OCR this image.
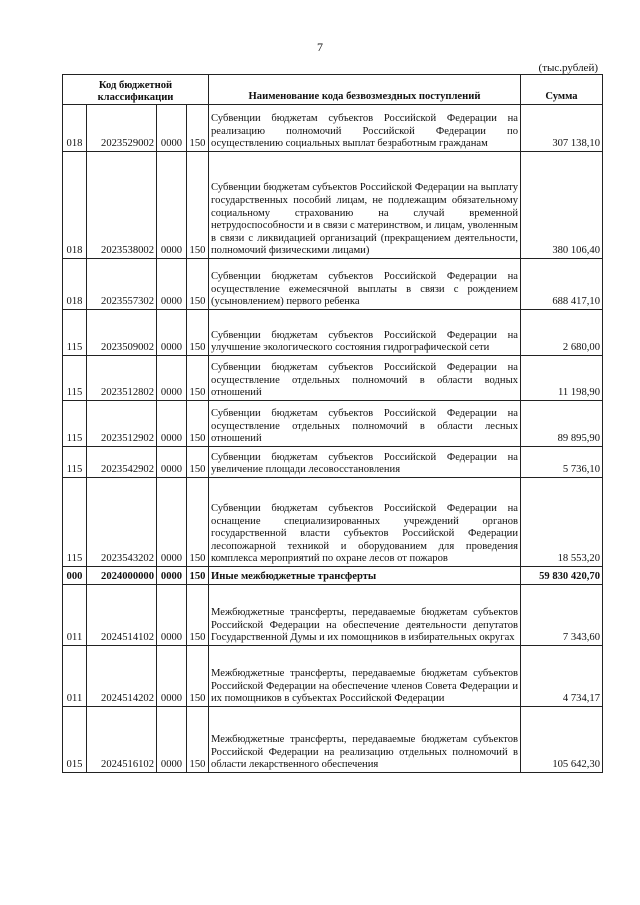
7
(тыс.рублей)
Код бюджетной классификации				Наименование кода безвозмездных поступлений	Сумма
018	2023529002	0000	150	Субвенции бюджетам субъектов Российской Федерации на реализацию полномочий Российской Федерации по осуществлению социальных выплат безработным гражданам	307 138,10
018	2023538002	0000	150	Субвенции бюджетам субъектов Российской Федерации на выплату государственных пособий лицам, не подлежащим обязательному социальному страхованию на случай временной нетрудоспособности и в связи с материнством, и лицам, уволенным в связи с ликвидацией организаций (прекращением деятельности, полномочий физическими лицами)	380 106,40
018	2023557302	0000	150	Субвенции бюджетам субъектов Российской Федерации на осуществление ежемесячной выплаты в связи с рождением (усыновлением) первого ребенка	688 417,10
115	2023509002	0000	150	Субвенции бюджетам субъектов Российской Федерации на улучшение экологического состояния гидрографической сети	2 680,00
115	2023512802	0000	150	Субвенции бюджетам субъектов Российской Федерации на осуществление отдельных полномочий в области водных отношений	11 198,90
115	2023512902	0000	150	Субвенции бюджетам субъектов Российской Федерации на осуществление отдельных полномочий в области лесных отношений	89 895,90
115	2023542902	0000	150	Субвенции бюджетам субъектов Российской Федерации на увеличение площади лесовосстановления	5 736,10
115	2023543202	0000	150	Субвенции бюджетам субъектов Российской Федерации на оснащение специализированных учреждений органов государственной власти субъектов Российской Федерации лесопожарной техникой и оборудованием для проведения комплекса мероприятий по охране лесов от пожаров	18 553,20
000	2024000000	0000	150	Иные межбюджетные трансферты	59 830 420,70
011	2024514102	0000	150	Межбюджетные трансферты, передаваемые бюджетам субъектов Российской Федерации на обеспечение деятельности депутатов Государственной Думы и их помощников в избирательных округах	7 343,60
011	2024514202	0000	150	Межбюджетные трансферты, передаваемые бюджетам субъектов Российской Федерации на обеспечение членов Совета Федерации и их помощников в субъектах Российской Федерации	4 734,17
015	2024516102	0000	150	Межбюджетные трансферты, передаваемые бюджетам субъектов Российской Федерации на реализацию отдельных полномочий в области лекарственного обеспечения	105 642,30
